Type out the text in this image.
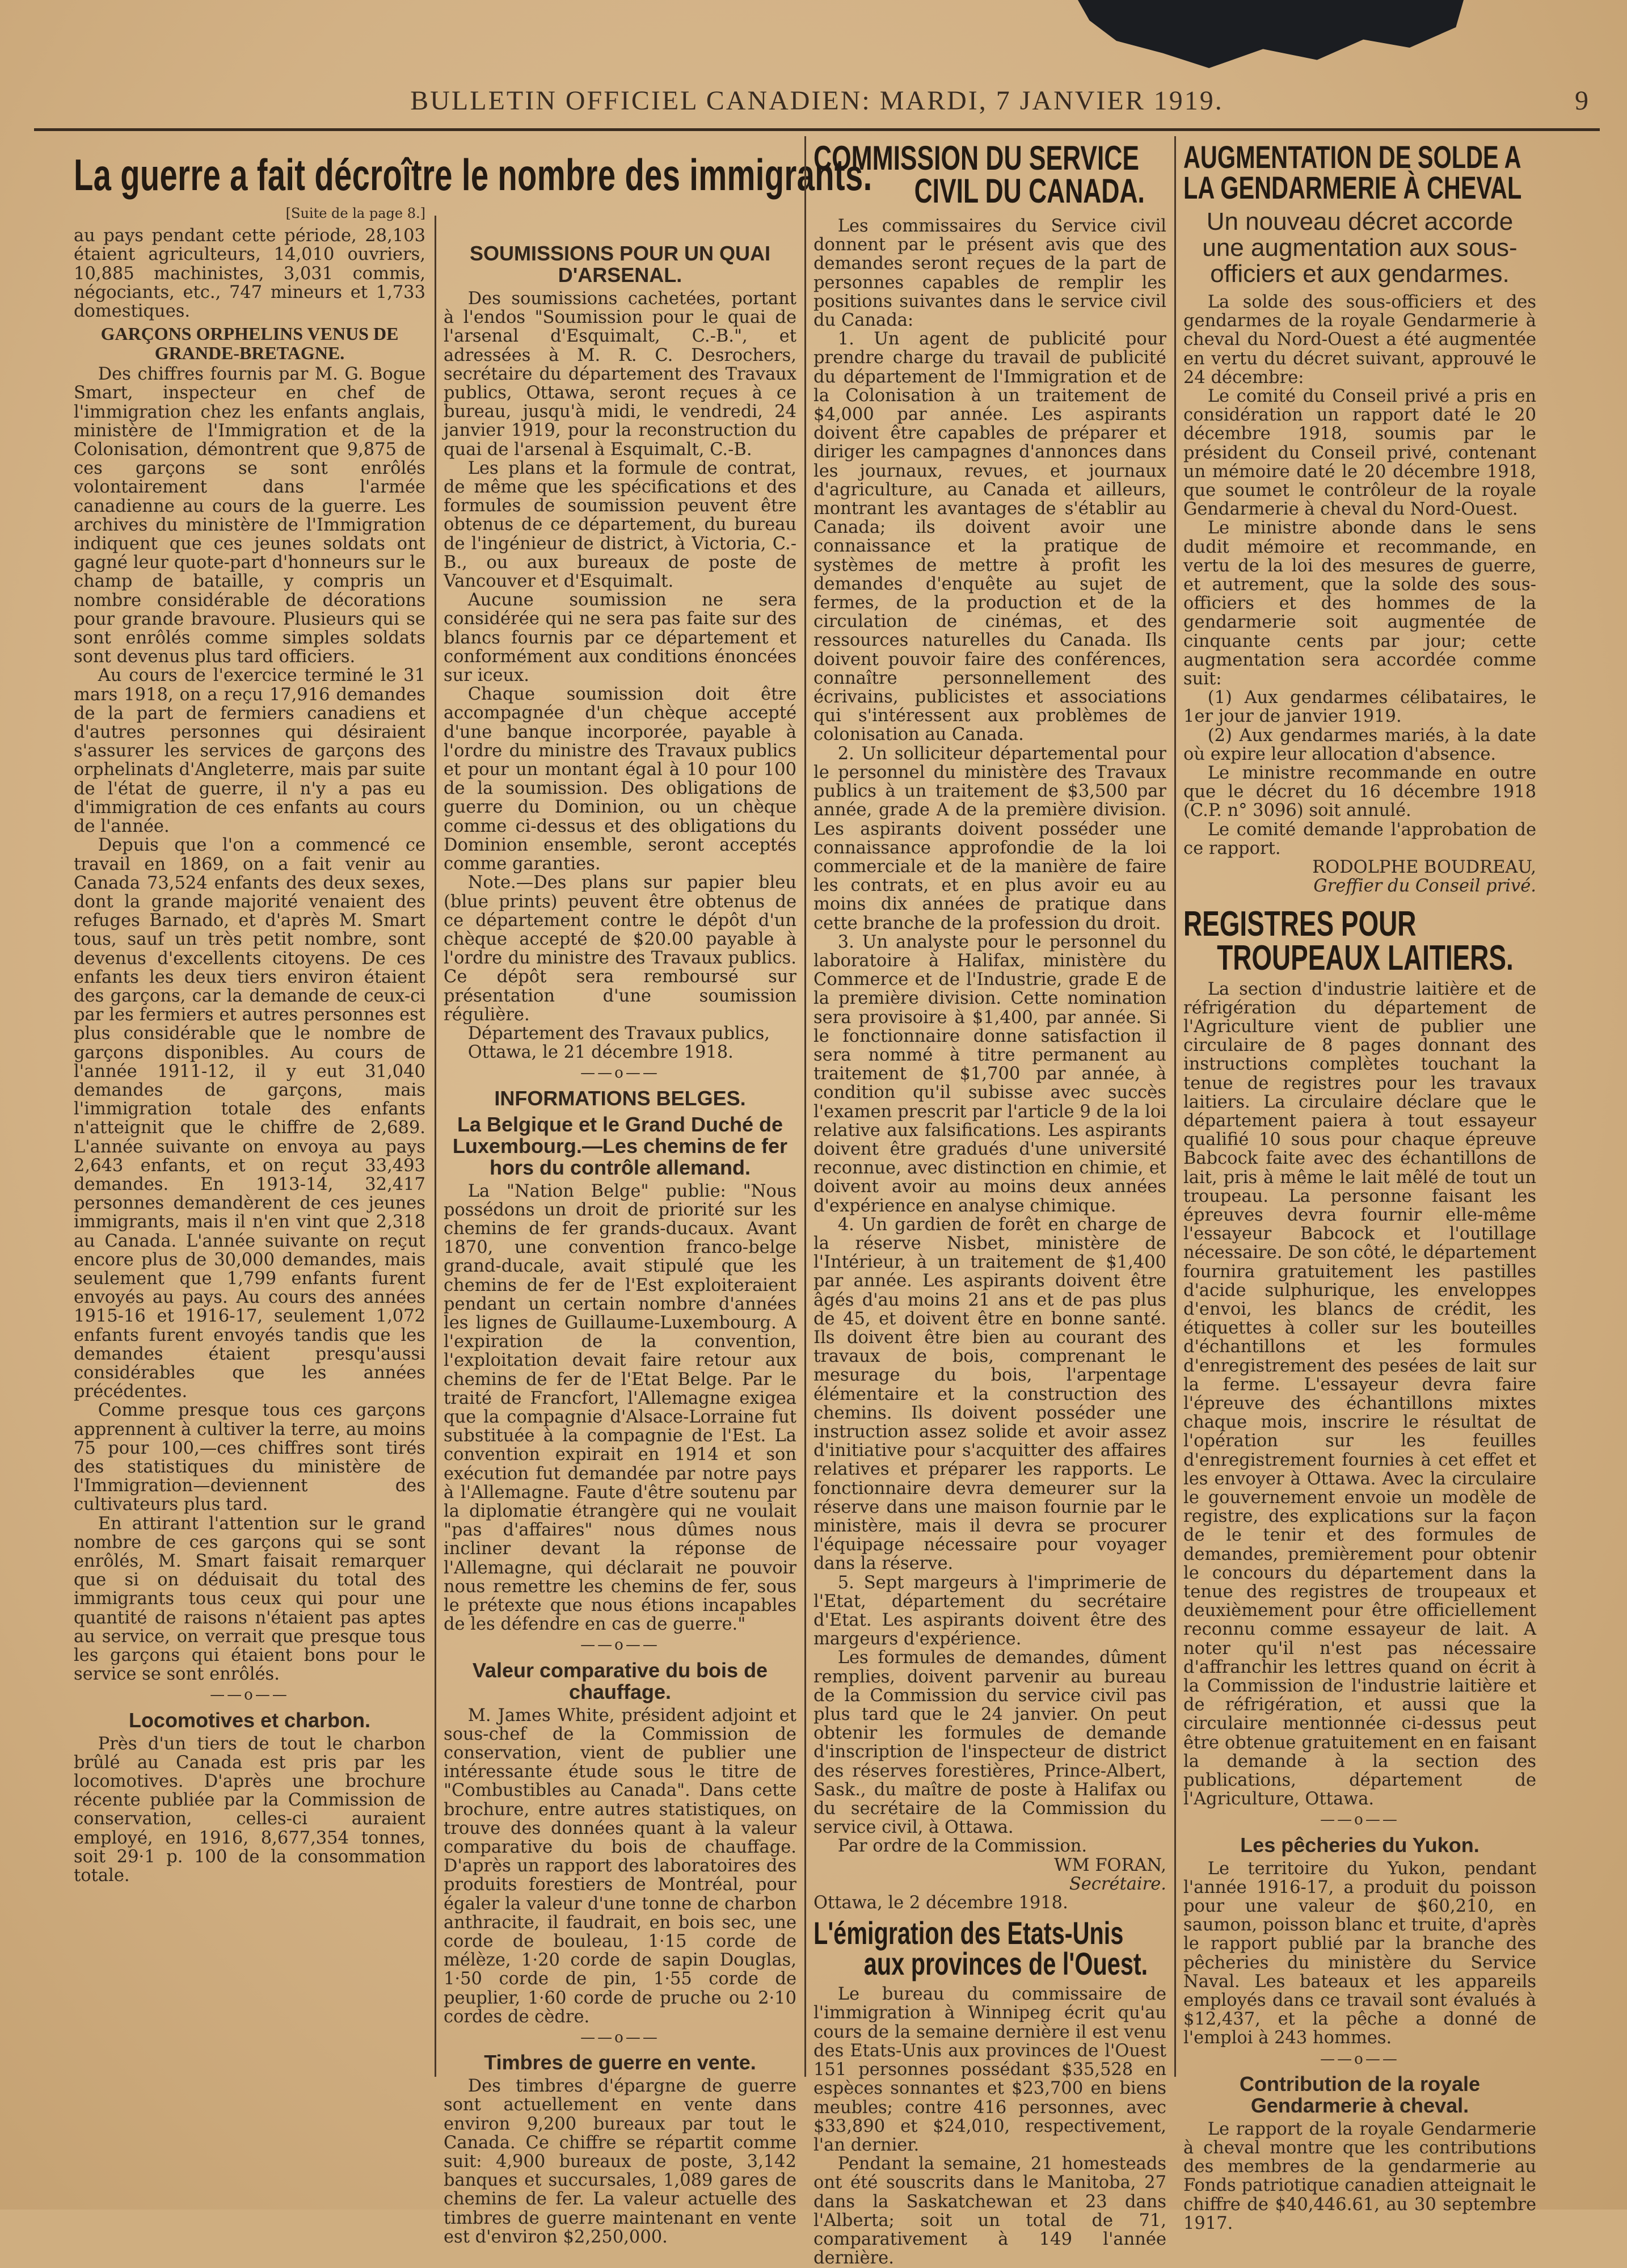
BULLETIN OFFICIEL CANADIEN: MARDI, 7 JANVIER 1919.	9
La guerre a fait décroître le nombre des immigrants.
[Suite de la page 8.]

au pays pendant cette période, 28,103 étaient agriculteurs, 14,010 ouvriers, 10,885 machinistes, 3,031 commis, négociants, etc., 747 mineurs et 1,733 domestiques.

GARÇONS ORPHELINS VENUS DE GRANDE-BRETAGNE.

Des chiffres fournis par M. G. Bogue Smart, inspecteur en chef de l'immigration chez les enfants anglais, ministère de l'Immigration et de la Colonisation, démontrent que 9,875 de ces garçons se sont enrôlés volontairement dans l'armée canadienne au cours de la guerre. Les archives du ministère de l'Immigration indiquent que ces jeunes soldats ont gagné leur quote-part d'honneurs sur le champ de bataille, y compris un nombre considérable de décorations pour grande bravoure. Plusieurs qui se sont enrôlés comme simples soldats sont devenus plus tard officiers.

Au cours de l'exercice terminé le 31 mars 1918, on a reçu 17,916 demandes de la part de fermiers canadiens et d'autres personnes qui désiraient s'assurer les services de garçons des orphelinats d'Angleterre, mais par suite de l'état de guerre, il n'y a pas eu d'immigration de ces enfants au cours de l'année.

Depuis que l'on a commencé ce travail en 1869, on a fait venir au Canada 73,524 enfants des deux sexes, dont la grande majorité venaient des refuges Barnado, et d'après M. Smart tous, sauf un très petit nombre, sont devenus d'excellents citoyens. De ces enfants les deux tiers environ étaient des garçons, car la demande de ceux-ci par les fermiers et autres personnes est plus considérable que le nombre de garçons disponibles. Au cours de l'année 1911-12, il y eut 31,040 demandes de garçons, mais l'immigration totale des enfants n'atteignit que le chiffre de 2,689. L'année suivante on envoya au pays 2,643 enfants, et on reçut 33,493 demandes. En 1913-14, 32,417 personnes demandèrent de ces jeunes immigrants, mais il n'en vint que 2,318 au Canada. L'année suivante on reçut encore plus de 30,000 demandes, mais seulement que 1,799 enfants furent envoyés au pays. Au cours des années 1915-16 et 1916-17, seulement 1,072 enfants furent envoyés tandis que les demandes étaient presqu'aussi considérables que les années précédentes.

Comme presque tous ces garçons apprennent à cultiver la terre, au moins 75 pour 100,—ces chiffres sont tirés des statistiques du ministère de l'Immigration—deviennent des cultivateurs plus tard.

En attirant l'attention sur le grand nombre de ces garçons qui se sont enrôlés, M. Smart faisait remarquer que si on déduisait du total des immigrants tous ceux qui pour une quantité de raisons n'étaient pas aptes au service, on verrait que presque tous les garçons qui étaient bons pour le service se sont enrôlés.

——o——
Locomotives et charbon.

Près d'un tiers de tout le charbon brûlé au Canada est pris par les locomotives. D'après une brochure récente publiée par la Commission de conservation, celles-ci auraient employé, en 1916, 8,677,354 tonnes, soit 29·1 p. 100 de la consommation totale.

SOUMISSIONS POUR UN QUAI D'ARSENAL.

Des soumissions cachetées, portant à l'endos "Soumission pour le quai de l'arsenal d'Esquimalt, C.-B.", et adressées à M. R. C. Desrochers, secrétaire du département des Travaux publics, Ottawa, seront reçues à ce bureau, jusqu'à midi, le vendredi, 24 janvier 1919, pour la reconstruction du quai de l'arsenal à Esquimalt, C.-B.

Les plans et la formule de contrat, de même que les spécifications et des formules de soumission peuvent être obtenus de ce département, du bureau de l'ingénieur de district, à Victoria, C.-B., ou aux bureaux de poste de Vancouver et d'Esquimalt.

Aucune soumission ne sera considérée qui ne sera pas faite sur des blancs fournis par ce département et conformément aux conditions énoncées sur iceux.

Chaque soumission doit être accompagnée d'un chèque accepté d'une banque incorporée, payable à l'ordre du ministre des Travaux publics et pour un montant égal à 10 pour 100 de la soumission. Des obligations de guerre du Dominion, ou un chèque comme ci-dessus et des obligations du Dominion ensemble, seront acceptés comme garanties.

Note.—Des plans sur papier bleu (blue prints) peuvent être obtenus de ce département contre le dépôt d'un chèque accepté de $20.00 payable à l'ordre du ministre des Travaux publics. Ce dépôt sera remboursé sur présentation d'une soumission régulière.

Département des Travaux publics,

Ottawa, le 21 décembre 1918.

——o——
INFORMATIONS BELGES.
La Belgique et le Grand Duché de Luxembourg.—Les chemins de fer hors du contrôle allemand.

La "Nation Belge" publie: "Nous possédons un droit de priorité sur les chemins de fer grands-ducaux. Avant 1870, une convention franco-belge grand-ducale, avait stipulé que les chemins de fer de l'Est exploiteraient pendant un certain nombre d'années les lignes de Guillaume-Luxembourg. A l'expiration de la convention, l'exploitation devait faire retour aux chemins de fer de l'Etat Belge. Par le traité de Francfort, l'Allemagne exigea que la compagnie d'Alsace-Lorraine fut substituée à la compagnie de l'Est. La convention expirait en 1914 et son exécution fut demandée par notre pays à l'Allemagne. Faute d'être soutenu par la diplomatie étrangère qui ne voulait "pas d'affaires" nous dûmes nous incliner devant la réponse de l'Allemagne, qui déclarait ne pouvoir nous remettre les chemins de fer, sous le prétexte que nous étions incapables de les défendre en cas de guerre."

——o——
Valeur comparative du bois de chauffage.

M. James White, président adjoint et sous-chef de la Commission de conservation, vient de publier une intéressante étude sous le titre de "Combustibles au Canada". Dans cette brochure, entre autres statistiques, on trouve des données quant à la valeur comparative du bois de chauffage. D'après un rapport des laboratoires des produits forestiers de Montréal, pour égaler la valeur d'une tonne de charbon anthracite, il faudrait, en bois sec, une corde de bouleau, 1·15 corde de mélèze, 1·20 corde de sapin Douglas, 1·50 corde de pin, 1·55 corde de peuplier, 1·60 corde de pruche ou 2·10 cordes de cèdre.

——o——
Timbres de guerre en vente.

Des timbres d'épargne de guerre sont actuellement en vente dans environ 9,200 bureaux par tout le Canada. Ce chiffre se répartit comme suit: 4,900 bureaux de poste, 3,142 banques et succursales, 1,089 gares de chemins de fer. La valeur actuelle des timbres de guerre maintenant en vente est d'environ $2,250,000.

COMMISSION DU SERVICE
CIVIL DU CANADA.

Les commissaires du Service civil donnent par le présent avis que des demandes seront reçues de la part de personnes capables de remplir les positions suivantes dans le service civil du Canada:

1. Un agent de publicité pour prendre charge du travail de publicité du département de l'Immigration et de la Colonisation à un traitement de $4,000 par année. Les aspirants doivent être capables de préparer et diriger les campagnes d'annonces dans les journaux, revues, et journaux d'agriculture, au Canada et ailleurs, montrant les avantages de s'établir au Canada; ils doivent avoir une connaissance et la pratique de systèmes de mettre à profit les demandes d'enquête au sujet de fermes, de la production et de la circulation de cinémas, et des ressources naturelles du Canada. Ils doivent pouvoir faire des conférences, connaître personnellement des écrivains, publicistes et associations qui s'intéressent aux problèmes de colonisation au Canada.

2. Un solliciteur départemental pour le personnel du ministère des Travaux publics à un traitement de $3,500 par année, grade A de la première division. Les aspirants doivent posséder une connaissance approfondie de la loi commerciale et de la manière de faire les contrats, et en plus avoir eu au moins dix années de pratique dans cette branche de la profession du droit.

3. Un analyste pour le personnel du laboratoire à Halifax, ministère du Commerce et de l'Industrie, grade E de la première division. Cette nomination sera provisoire à $1,400, par année. Si le fonctionnaire donne satisfaction il sera nommé à titre permanent au traitement de $1,700 par année, à condition qu'il subisse avec succès l'examen prescrit par l'article 9 de la loi relative aux falsifications. Les aspirants doivent être gradués d'une université reconnue, avec distinction en chimie, et doivent avoir au moins deux années d'expérience en analyse chimique.

4. Un gardien de forêt en charge de la réserve Nisbet, ministère de l'Intérieur, à un traitement de $1,400 par année. Les aspirants doivent être âgés d'au moins 21 ans et de pas plus de 45, et doivent être en bonne santé. Ils doivent être bien au courant des travaux de bois, comprenant le mesurage du bois, l'arpentage élémentaire et la construction des chemins. Ils doivent posséder une instruction assez solide et avoir assez d'initiative pour s'acquitter des affaires relatives et préparer les rapports. Le fonctionnaire devra demeurer sur la réserve dans une maison fournie par le ministère, mais il devra se procurer l'équipage nécessaire pour voyager dans la réserve.

5. Sept margeurs à l'imprimerie de l'Etat, département du secrétaire d'Etat. Les aspirants doivent être des margeurs d'expérience.

Les formules de demandes, dûment remplies, doivent parvenir au bureau de la Commission du service civil pas plus tard que le 24 janvier. On peut obtenir les formules de demande d'inscription de l'inspecteur de district des réserves forestières, Prince-Albert, Sask., du maître de poste à Halifax ou du secrétaire de la Commission du service civil, à Ottawa.

Par ordre de la Commission.

WM FORAN,

Secrétaire.

Ottawa, le 2 décembre 1918.

L'émigration des Etats-Unis
aux provinces de l'Ouest.

Le bureau du commissaire de l'immigration à Winnipeg écrit qu'au cours de la semaine dernière il est venu des Etats-Unis aux provinces de l'Ouest 151 personnes possédant $35,528 en espèces sonnantes et $23,700 en biens meubles; contre 416 personnes, avec $33,890 et $24,010, respectivement, l'an dernier.

Pendant la semaine, 21 homesteads ont été souscrits dans le Manitoba, 27 dans la Saskatchewan et 23 dans l'Alberta; soit un total de 71, comparativement à 149 l'année dernière.

AUGMENTATION DE SOLDE A
LA GENDARMERIE À CHEVAL
Un nouveau décret accorde une augmentation aux sous-officiers et aux gendarmes.

La solde des sous-officiers et des gendarmes de la royale Gendarmerie à cheval du Nord-Ouest a été augmentée en vertu du décret suivant, approuvé le 24 décembre:

Le comité du Conseil privé a pris en considération un rapport daté le 20 décembre 1918, soumis par le président du Conseil privé, contenant un mémoire daté le 20 décembre 1918, que soumet le contrôleur de la royale Gendarmerie à cheval du Nord-Ouest.

Le ministre abonde dans le sens dudit mémoire et recommande, en vertu de la loi des mesures de guerre, et autrement, que la solde des sous-officiers et des hommes de la gendarmerie soit augmentée de cinquante cents par jour; cette augmentation sera accordée comme suit:

(1) Aux gendarmes célibataires, le 1er jour de janvier 1919.

(2) Aux gendarmes mariés, à la date où expire leur allocation d'absence.

Le ministre recommande en outre que le décret du 16 décembre 1918 (C.P. n° 3096) soit annulé.

Le comité demande l'approbation de ce rapport.

RODOLPHE BOUDREAU,

Greffier du Conseil privé.

REGISTRES POUR
TROUPEAUX LAITIERS.

La section d'industrie laitière et de réfrigération du département de l'Agriculture vient de publier une circulaire de 8 pages donnant des instructions complètes touchant la tenue de registres pour les travaux laitiers. La circulaire déclare que le département paiera à tout essayeur qualifié 10 sous pour chaque épreuve Babcock faite avec des échantillons de lait, pris à même le lait mêlé de tout un troupeau. La personne faisant les épreuves devra fournir elle-même l'essayeur Babcock et l'outillage nécessaire. De son côté, le département fournira gratuitement les pastilles d'acide sulphurique, les enveloppes d'envoi, les blancs de crédit, les étiquettes à coller sur les bouteilles d'échantillons et les formules d'enregistrement des pesées de lait sur la ferme. L'essayeur devra faire l'épreuve des échantillons mixtes chaque mois, inscrire le résultat de l'opération sur les feuilles d'enregistrement fournies à cet effet et les envoyer à Ottawa. Avec la circulaire le gouvernement envoie un modèle de registre, des explications sur la façon de le tenir et des formules de demandes, premièrement pour obtenir le concours du département dans la tenue des registres de troupeaux et deuxièmement pour être officiellement reconnu comme essayeur de lait. A noter qu'il n'est pas nécessaire d'affranchir les lettres quand on écrit à la Commission de l'industrie laitière et de réfrigération, et aussi que la circulaire mentionnée ci-dessus peut être obtenue gratuitement en en faisant la demande à la section des publications, département de l'Agriculture, Ottawa.

——o——
Les pêcheries du Yukon.

Le territoire du Yukon, pendant l'année 1916-17, a produit du poisson pour une valeur de $60,210, en saumon, poisson blanc et truite, d'après le rapport publié par la branche des pêcheries du ministère du Service Naval. Les bateaux et les appareils employés dans ce travail sont évalués à $12,437, et la pêche a donné de l'emploi à 243 hommes.

——o——
Contribution de la royale Gendarmerie à cheval.

Le rapport de la royale Gendarmerie à cheval montre que les contributions des membres de la gendarmerie au Fonds patriotique canadien atteignait le chiffre de $40,446.61, au 30 septembre 1917.
